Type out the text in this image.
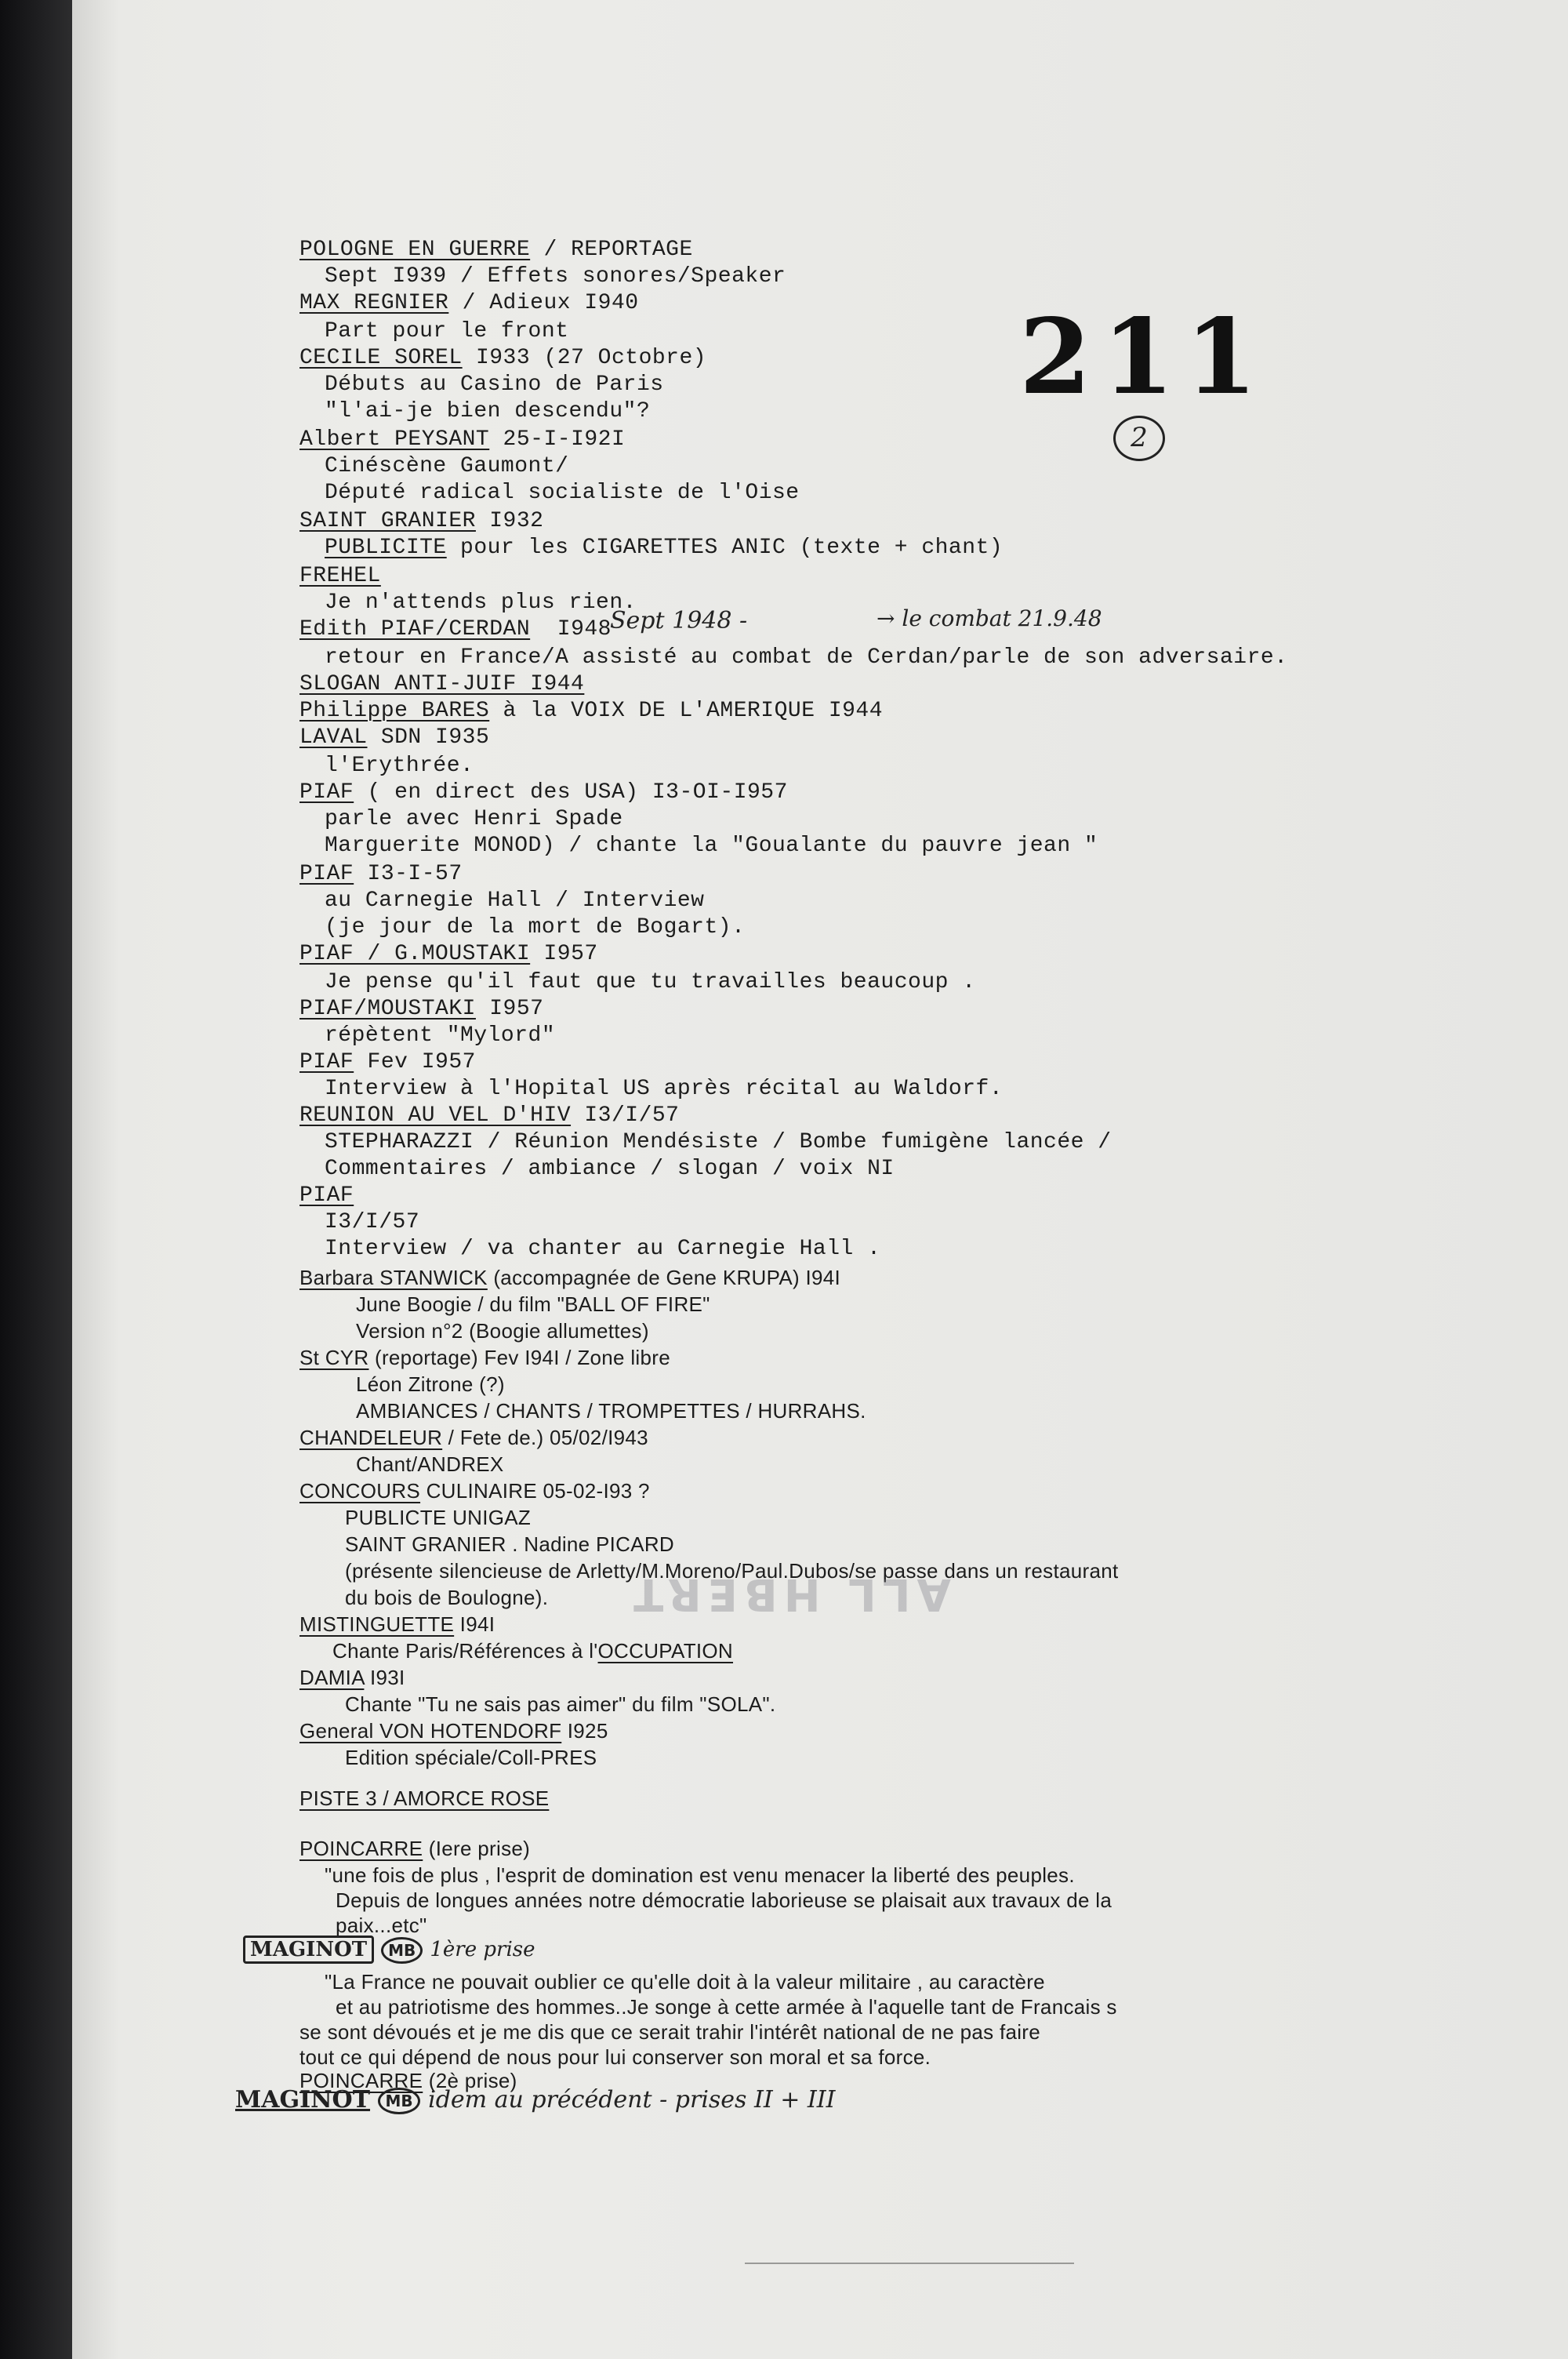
POLOGNE EN GUERRE / REPORTAGE
Sept I939 / Effets sonores/Speaker
MAX REGNIER / Adieux I940
Part pour le front
CECILE SOREL I933 (27 Octobre)
Débuts au Casino de Paris
"l'ai-je bien descendu"?
Albert PEYSANT 25-I-I92I
Cinéscène Gaumont/
Député radical socialiste de l'Oise
SAINT GRANIER I932
PUBLICITE pour les CIGARETTES ANIC (texte + chant)
FREHEL
Je n'attends plus rien.
Edith PIAF/CERDAN  I948
retour en France/A assisté au combat de Cerdan/parle de son adversaire.
SLOGAN ANTI-JUIF I944
Philippe BARES à la VOIX DE L'AMERIQUE I944
LAVAL SDN I935
l'Erythrée.
PIAF ( en direct des USA) I3-OI-I957
parle avec Henri Spade
Marguerite MONOD) / chante la "Goualante du pauvre jean "
PIAF I3-I-57
au Carnegie Hall / Interview
(je jour de la mort de Bogart).
PIAF / G.MOUSTAKI I957
Je pense qu'il faut que tu travailles beaucoup .
PIAF/MOUSTAKI I957
répètent "Mylord"
PIAF Fev I957
Interview à l'Hopital US après récital au Waldorf.
REUNION AU VEL D'HIV I3/I/57
STEPHARAZZI / Réunion Mendésiste / Bombe fumigène lancée /
Commentaires / ambiance / slogan / voix NI
PIAF
I3/I/57
Interview / va chanter au Carnegie Hall .
Barbara STANWICK (accompagnée de Gene KRUPA) I94I
June Boogie / du film "BALL OF FIRE"
Version n°2 (Boogie allumettes)
St CYR (reportage) Fev I94I / Zone libre
Léon Zitrone (?)
AMBIANCES / CHANTS / TROMPETTES / HURRAHS.
CHANDELEUR / Fete de.) 05/02/I943
Chant/ANDREX
CONCOURS CULINAIRE 05-02-I93 ?
PUBLICTE UNIGAZ
SAINT GRANIER . Nadine PICARD
(présente silencieuse de Arletty/M.Moreno/Paul.Dubos/se passe dans un restaurant
du bois de Boulogne).
MISTINGUETTE I94I
Chante Paris/Références à l'OCCUPATION
DAMIA I93I
Chante "Tu ne sais pas aimer" du film "SOLA".
General VON HOTENDORF I925
Edition spéciale/Coll-PRES
PISTE 3 / AMORCE ROSE
POINCARRE (Iere prise)
"une fois de plus , l'esprit de domination est venu menacer la liberté des peuples.
Depuis de longues années notre démocratie laborieuse se plaisait aux travaux de la
paix...etc"
"La France ne pouvait oublier ce qu'elle doit à la valeur militaire , au caractère
et au patriotisme des hommes..Je songe à cette armée à l'aquelle tant de Francais s
se sont dévoués et je me dis que ce serait trahir l'intérêt national de ne pas faire
tout ce qui dépend de nous pour lui conserver son moral et sa force.
POINCARRE (2è prise)
211
2
ALL HBERT
Sept 1948 -	→ le combat 21.9.48
MAGINOT MB 1ère prise
MAGINOT MB idem au précédent - prises II + III
